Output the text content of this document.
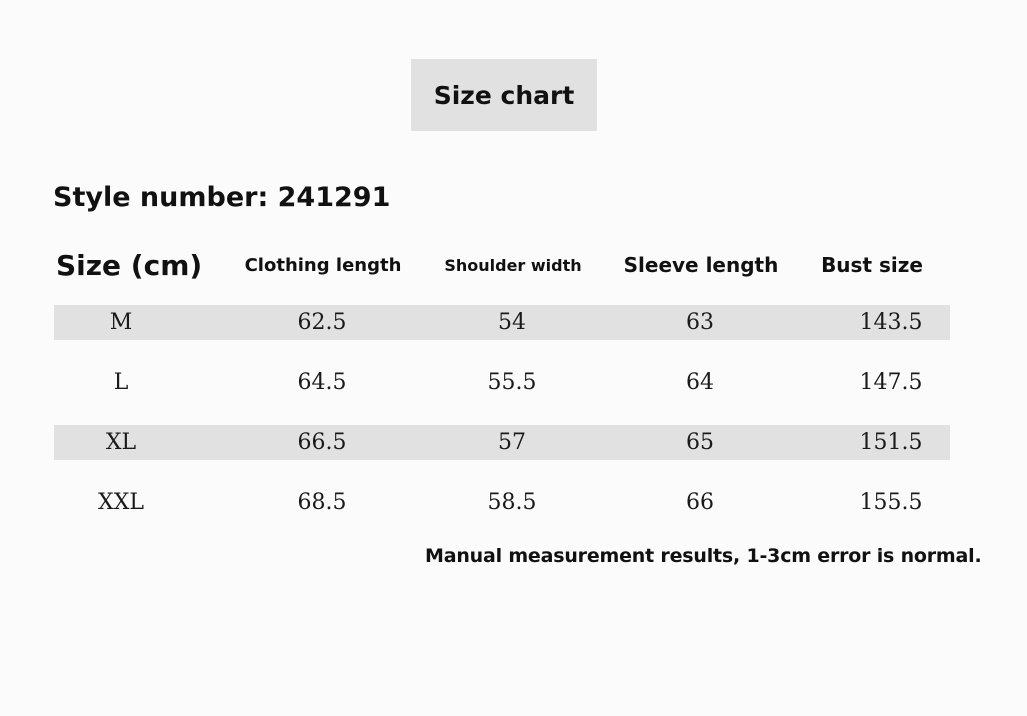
Size chart
Style number: 241291
Size (cm)	Clothing length	Shoulder width	Sleeve length	Bust size
M	62.5	54	63	143.5
L	64.5	55.5	64	147.5
XL	66.5	57	65	151.5
XXL	68.5	58.5	66	155.5
Manual measurement results, 1-3cm error is normal.
